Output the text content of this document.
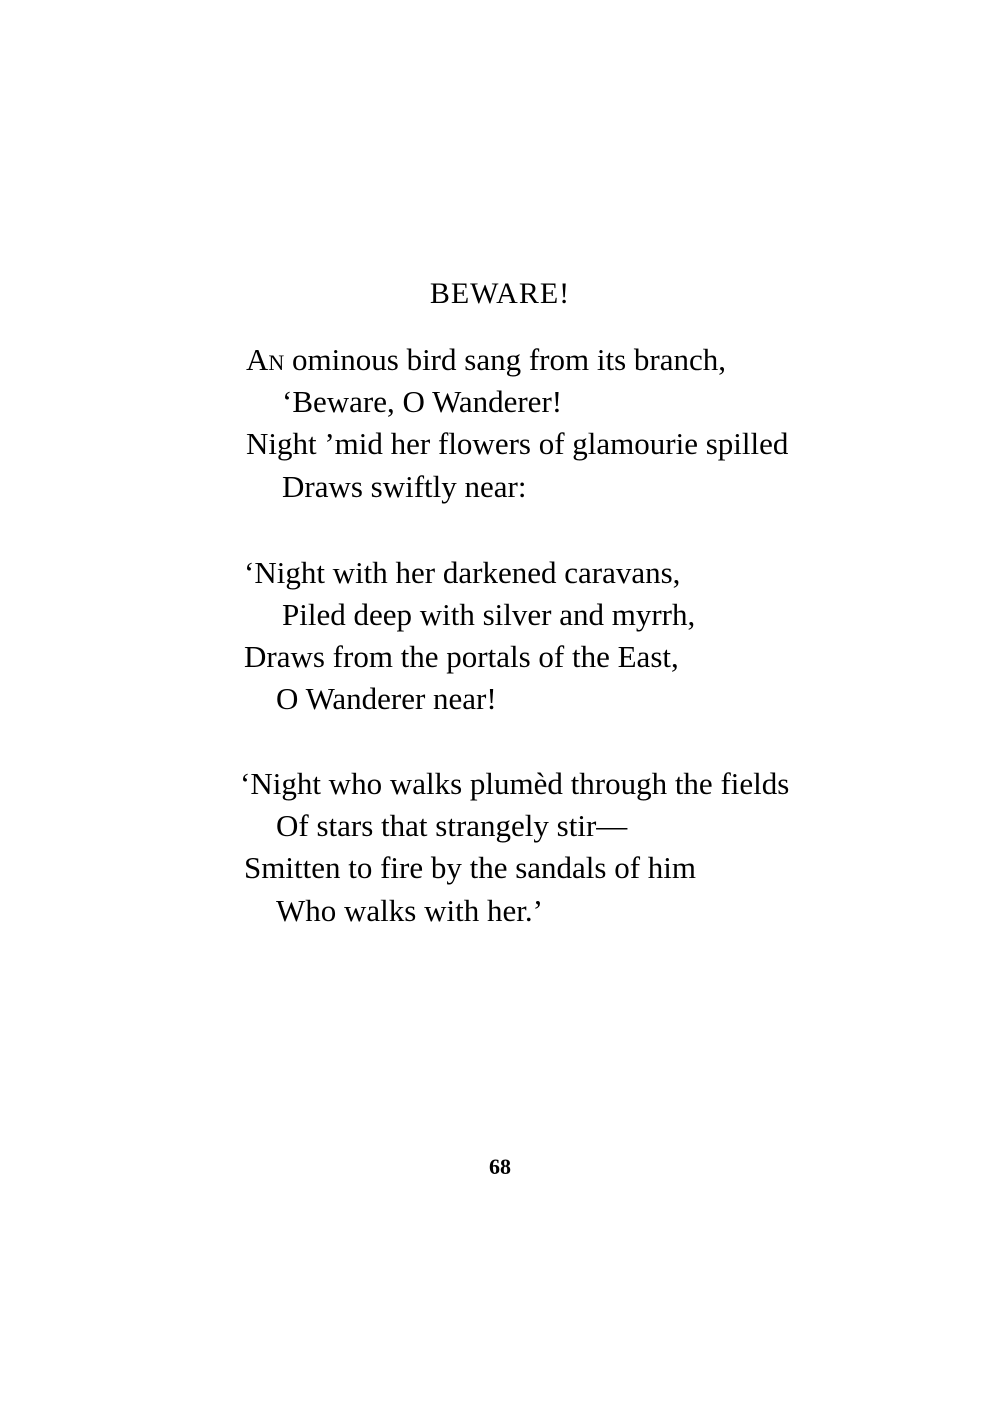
BEWARE!

An ominous bird sang from its branch,

‘Beware, O Wanderer!

Night ’mid her flowers of glamourie spilled

Draws swiftly near:

‘Night with her darkened caravans,

Piled deep with silver and myrrh,

Draws from the portals of the East,

O Wanderer near!

‘Night who walks plumèd through the fields

Of stars that strangely stir—

Smitten to fire by the sandals of him

Who walks with her.’

68
